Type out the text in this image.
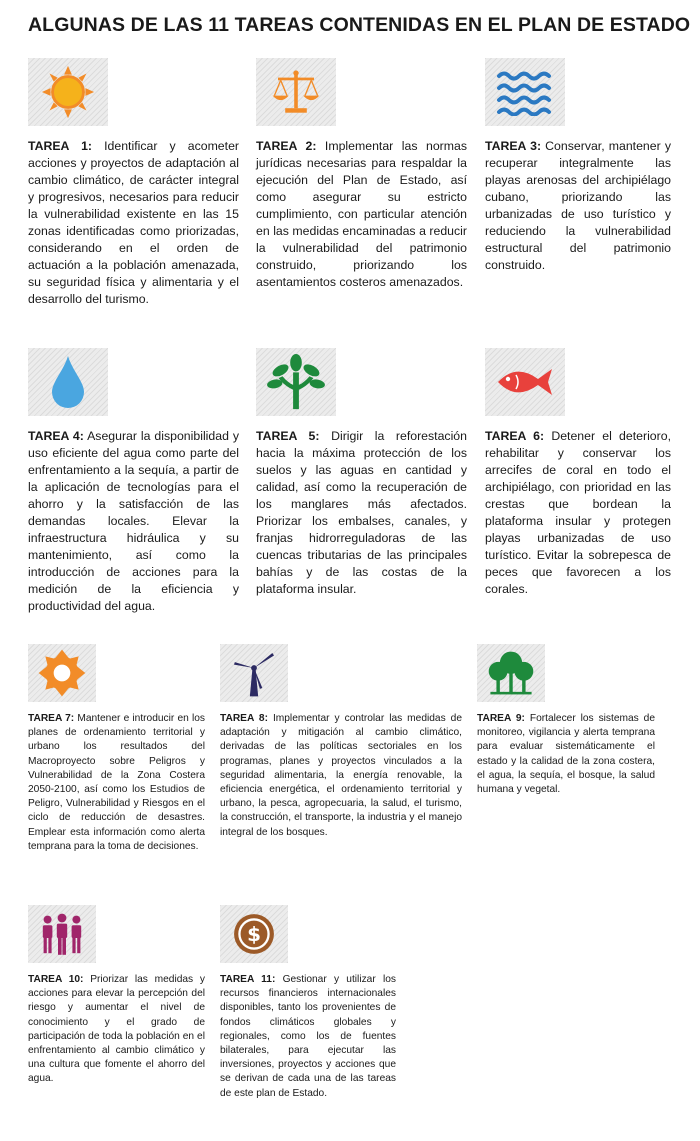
ALGUNAS DE LAS 11 TAREAS CONTENIDAS EN EL PLAN DE ESTADO

TAREA 1: Identificar y acometer acciones y proyectos de adaptación al cambio climático, de carácter integral y progresivos, necesarios para reducir la vulnerabilidad existente en las 15 zonas identificadas como priorizadas, considerando en el orden de actuación a la población amenazada, su seguridad física y alimentaria y el desarrollo del turismo.

TAREA 2: Implementar las normas jurídicas necesarias para respaldar la ejecución del Plan de Estado, así como asegurar su estricto cumplimiento, con particular atención en las medidas encaminadas a reducir la vulnerabilidad del patrimonio construido, priorizando los asentamientos costeros amenazados.

TAREA 3: Conservar, mantener y recuperar integralmente las playas arenosas del archipiélago cubano, priorizando las urbanizadas de uso turístico y reduciendo la vulnerabilidad estructural del patrimonio construido.

TAREA 4: Asegurar la disponibilidad y uso eficiente del agua como parte del enfrentamiento a la sequía, a partir de la aplicación de tecnologías para el ahorro y la satisfacción de las demandas locales. Elevar la infraestructura hidráulica y su mantenimiento, así como la introducción de acciones para la medición de la eficiencia y productividad del agua.

TAREA 5: Dirigir la reforestación hacia la máxima protección de los suelos y las aguas en cantidad y calidad, así como la recuperación de los manglares más afectados. Priorizar los embalses, canales, y franjas hidrorreguladoras de las cuencas tributarias de las principales bahías y de las costas de la plataforma insular.

TAREA 6: Detener el deterioro, rehabilitar y conservar los arrecifes de coral en todo el archipiélago, con prioridad en las crestas que bordean la plataforma insular y protegen playas urbanizadas de uso turístico. Evitar la sobrepesca de peces que favorecen a los corales.

TAREA 7: Mantener e introducir en los planes de ordenamiento territorial y urbano los resultados del Macroproyecto sobre Peligros y Vulnerabilidad de la Zona Costera 2050-2100, así como los Estudios de Peligro, Vulnerabilidad y Riesgos en el ciclo de reducción de desastres. Emplear esta información como alerta temprana para la toma de decisiones.

TAREA 8: Implementar y controlar las medidas de adaptación y mitigación al cambio climático, derivadas de las políticas sectoriales en los programas, planes y proyectos vinculados a la seguridad alimentaria, la energía renovable, la eficiencia energética, el ordenamiento territorial y urbano, la pesca, agropecuaria, la salud, el turismo, la construcción, el transporte, la industria y el manejo integral de los bosques.

TAREA 9: Fortalecer los sistemas de monitoreo, vigilancia y alerta temprana para evaluar sistemáticamente el estado y la calidad de la zona costera, el agua, la sequía, el bosque, la salud humana y vegetal.

TAREA 10: Priorizar las medidas y acciones para elevar la percepción del riesgo y aumentar el nivel de conocimiento y el grado de participación de toda la población en el enfrentamiento al cambio climático y una cultura que fomente el ahorro del agua.

$

TAREA 11: Gestionar y utilizar los recursos financieros internacionales disponibles, tanto los provenientes de fondos climáticos globales y regionales, como los de fuentes bilaterales, para ejecutar las inversiones, proyectos y acciones que se derivan de cada una de las tareas de este plan de Estado.
